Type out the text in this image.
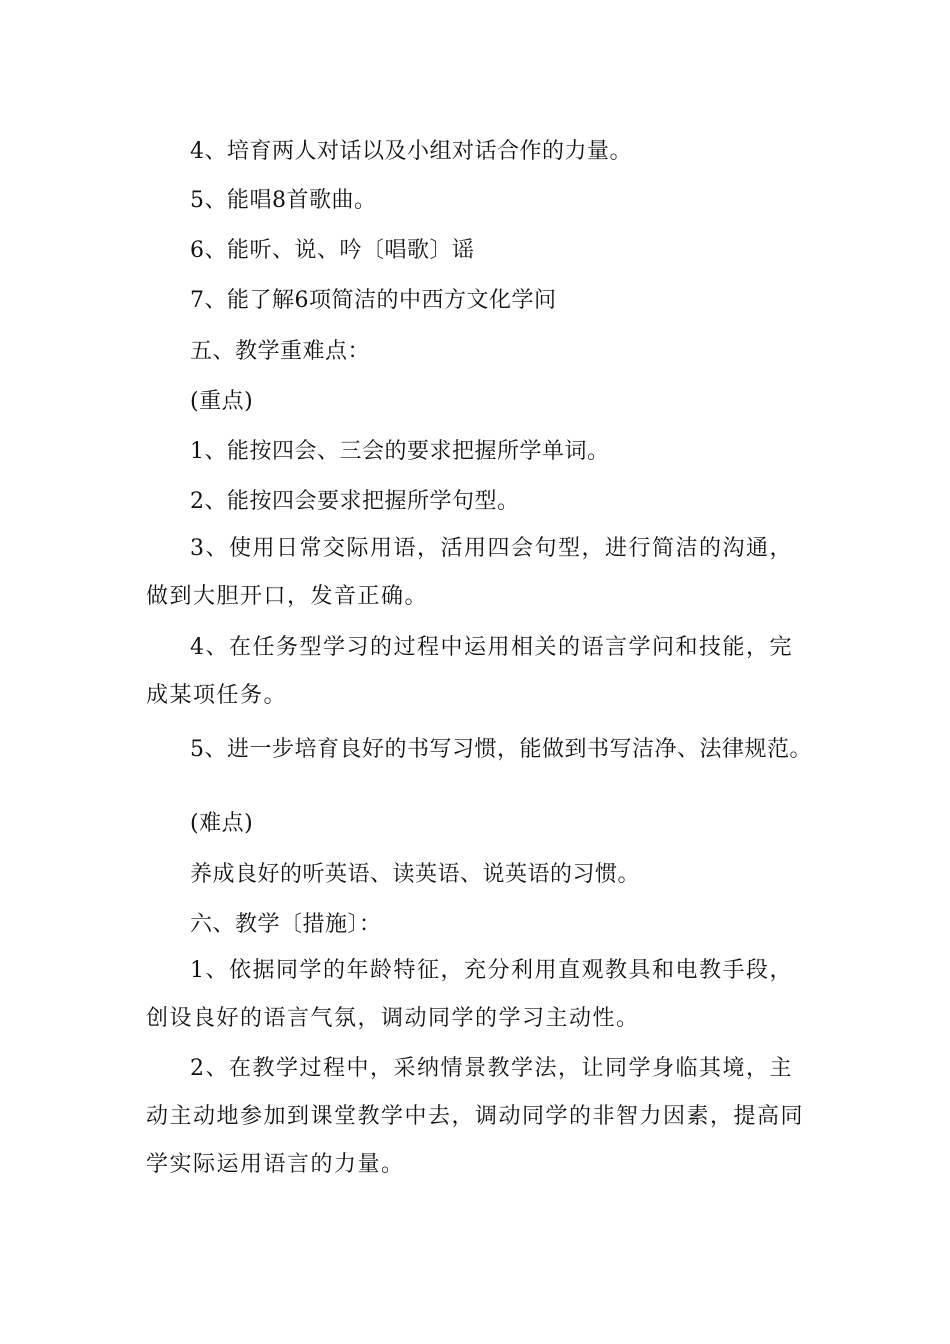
4、培育两人对话以及小组对话合作的力量。
5、能唱8首歌曲。
6、能听、说、吟〔唱歌〕谣
7、能了解6项简洁的中西方文化学问
五、教学重难点：
(重点)
1、能按四会、三会的要求把握所学单词。
2、能按四会要求把握所学句型。
3、使用日常交际用语，活用四会句型，进行简洁的沟通，做到大胆开口，发音正确。
4、在任务型学习的过程中运用相关的语言学问和技能，完成某项任务。
5、进一步培育良好的书写习惯，能做到书写洁净、法律规范。
(难点)
养成良好的听英语、读英语、说英语的习惯。
六、教学〔措施〕：
1、依据同学的年龄特征，充分利用直观教具和电教手段，创设良好的语言气氛，调动同学的学习主动性。
2、在教学过程中，采纳情景教学法，让同学身临其境，主动主动地参加到课堂教学中去，调动同学的非智力因素，提高同学实际运用语言的力量。
